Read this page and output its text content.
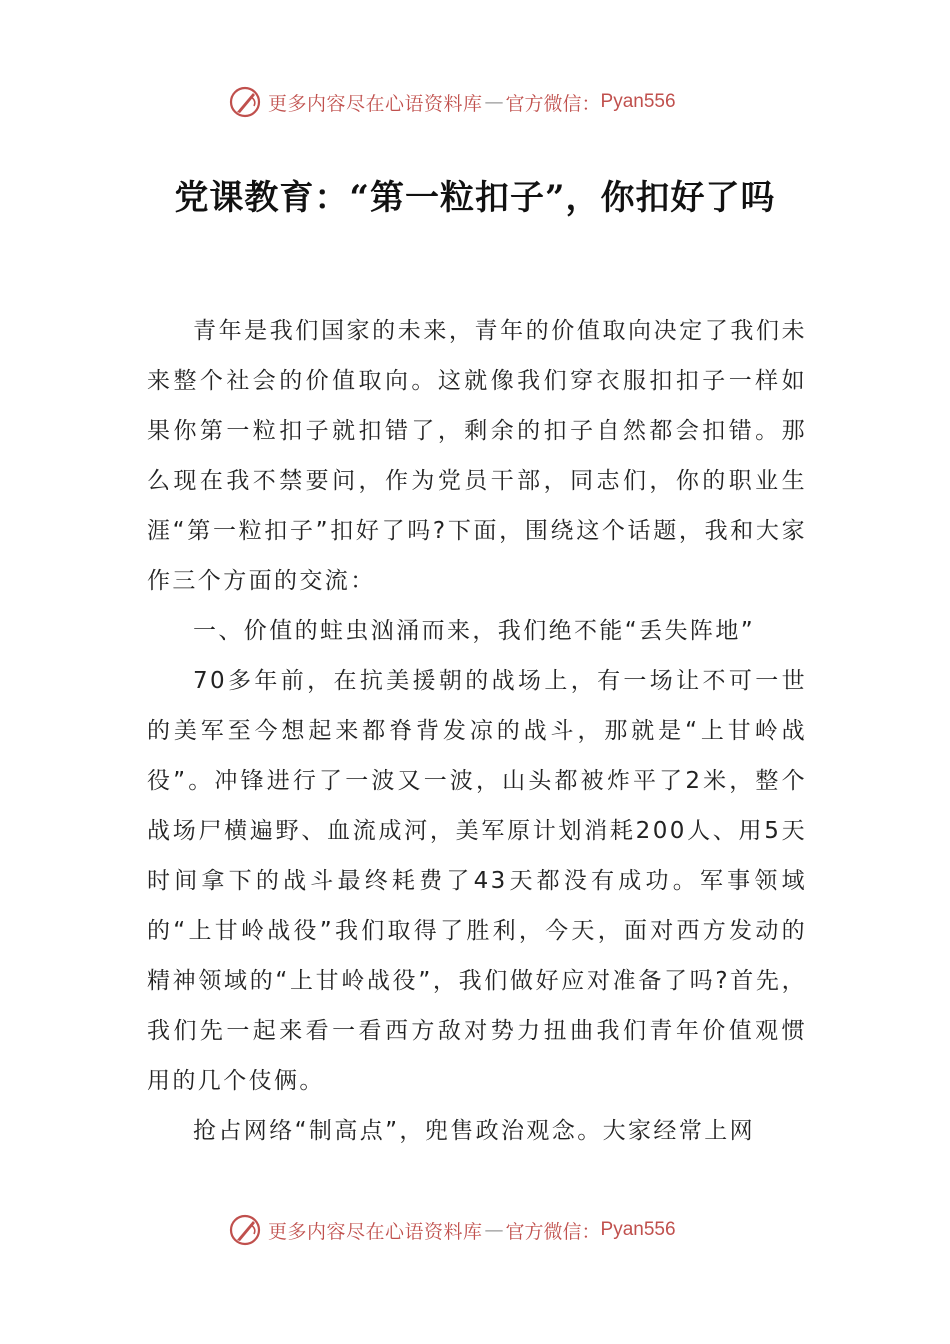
更多内容尽在心语资料库 — 官方微信： Pyan556
党课教育：“第一粒扣子”，你扣好了吗

青年是我们国家的未来，青年的价值取向决定了我们未来整个社会的价值取向。这就像我们穿衣服扣扣子一样如果你第一粒扣子就扣错了，剩余的扣子自然都会扣错。那么现在我不禁要问，作为党员干部，同志们，你的职业生涯“第一粒扣子”扣好了吗?下面，围绕这个话题，我和大家作三个方面的交流：

一、价值的蛀虫汹涌而来，我们绝不能“丢失阵地”

70多年前，在抗美援朝的战场上，有一场让不可一世的美军至今想起来都脊背发凉的战斗，那就是“上甘岭战役”。冲锋进行了一波又一波，山头都被炸平了2米，整个战场尸横遍野、血流成河，美军原计划消耗200人、用5天时间拿下的战斗最终耗费了43天都没有成功。军事领域的“上甘岭战役”我们取得了胜利，今天，面对西方发动的精神领域的“上甘岭战役”，我们做好应对准备了吗?首先，我们先一起来看一看西方敌对势力扭曲我们青年价值观惯用的几个伎俩。

抢占网络“制高点”，兜售政治观念。大家经常上网

更多内容尽在心语资料库 — 官方微信： Pyan556
